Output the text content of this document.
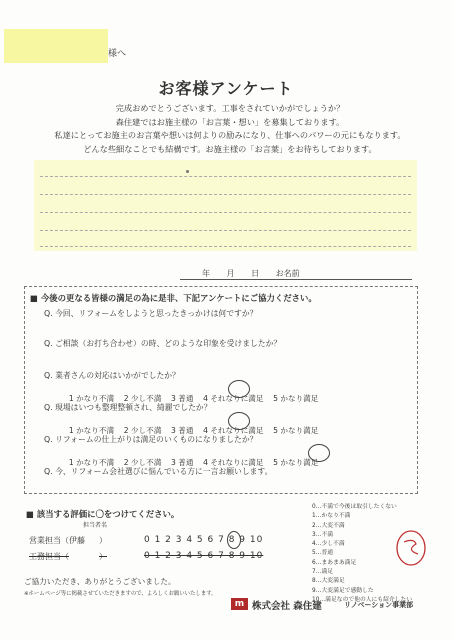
様へ
お客様アンケート
完成おめでとうございます。工事をされていかがでしょうか？
森住建ではお施主様の「お言葉・想い」を募集しております。
私達にとってお施主のお言葉や想いは何よりの励みになり、仕事へのパワーの元にもなります。
どんな些細なことでも結構です。お施主様の「お言葉」をお待ちしております。
年 月 日 お名前
■ 今後の更なる皆様の満足の為に是非、下記アンケートにご協力ください。
Q. 今回、リフォームをしようと思ったきっかけは何ですか？
Q. ご相談（お打ち合わせ）の時、どのような印象を受けましたか？
Q. 業者さんの対応はいかがでしたか？

1 かなり不満 2 少し不満 3 普通 4 それなりに満足 5 かなり満足

Q. 現場はいつも整理整頓され、綺麗でしたか？

1 かなり不満 2 少し不満 3 普通 4 それなりに満足 5 かなり満足

Q. リフォームの仕上がりは満足のいくものになりましたか？

1 かなり不満 2 少し不満 3 普通 4 それなりに満足 5 かなり満足

Q. 今、リフォーム会社選びに悩んでいる方に一言お願いします。
■ 該当する評価に〇をつけてください。
担当者名
営業担当（伊藤 ）	0 1 2 3 4 5 6 7 8 9 10
工務担当（	）	0 1 2 3 4 5 6 7 8 9 10
0…不満で今後は取引したくない
1…かなり不満
2…大変不満
3…不満
4…少し不満
5…普通
6…まあまあ満足
7…満足
8…大変満足
9…大変満足で感動した
10…満足なので他の人にも紹介したい
ご協力いただき、ありがとうございました。
※ホームページ等に掲載させていただきますので、よろしくお願いいたします。
m 株式会社 森住建	リノベーション事業部
